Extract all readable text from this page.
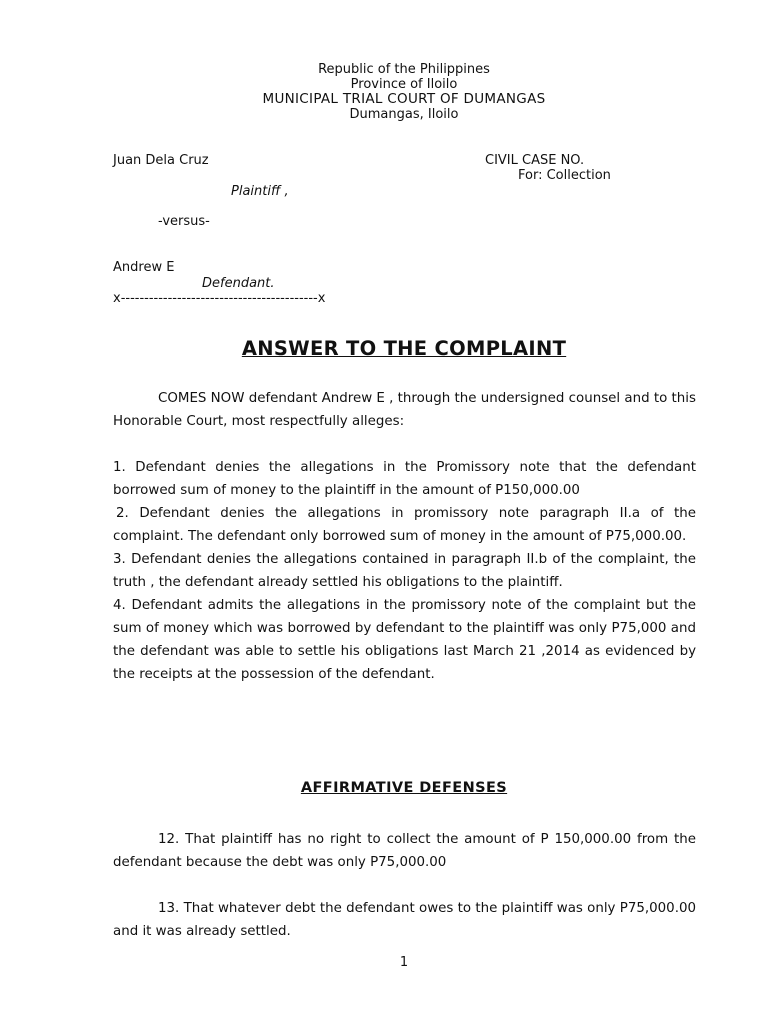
Republic of the Philippines
Province of Iloilo
MUNICIPAL TRIAL COURT OF DUMANGAS
Dumangas, Iloilo
Juan Dela Cruz
Plaintiff ,
-versus-
Andrew E
Defendant.
x------------------------------------------x
CIVIL CASE NO.
For: Collection
ANSWER TO THE COMPLAINT
COMES NOW defendant Andrew E , through the undersigned counsel and to this Honorable Court, most respectfully alleges:

1. Defendant denies the allegations in the Promissory note that the defendant borrowed sum of money to the plaintiff in the amount of P150,000.00

2. Defendant denies the allegations in promissory note paragraph II.a of the complaint. The defendant only borrowed sum of money in the amount of P75,000.00.

3. Defendant denies the allegations contained in paragraph II.b of the complaint, the truth , the defendant already settled his obligations to the plaintiff.

4. Defendant admits the allegations in the promissory note of the complaint but the sum of money which was borrowed by defendant to the plaintiff was only P75,000 and the defendant was able to settle his obligations last March 21 ,2014 as evidenced by the receipts at the possession of the defendant.

AFFIRMATIVE DEFENSES
12. That plaintiff has no right to collect the amount of P 150,000.00 from the defendant because the debt was only P75,000.00
13. That whatever debt the defendant owes to the plaintiff was only P75,000.00 and it was already settled.
1
